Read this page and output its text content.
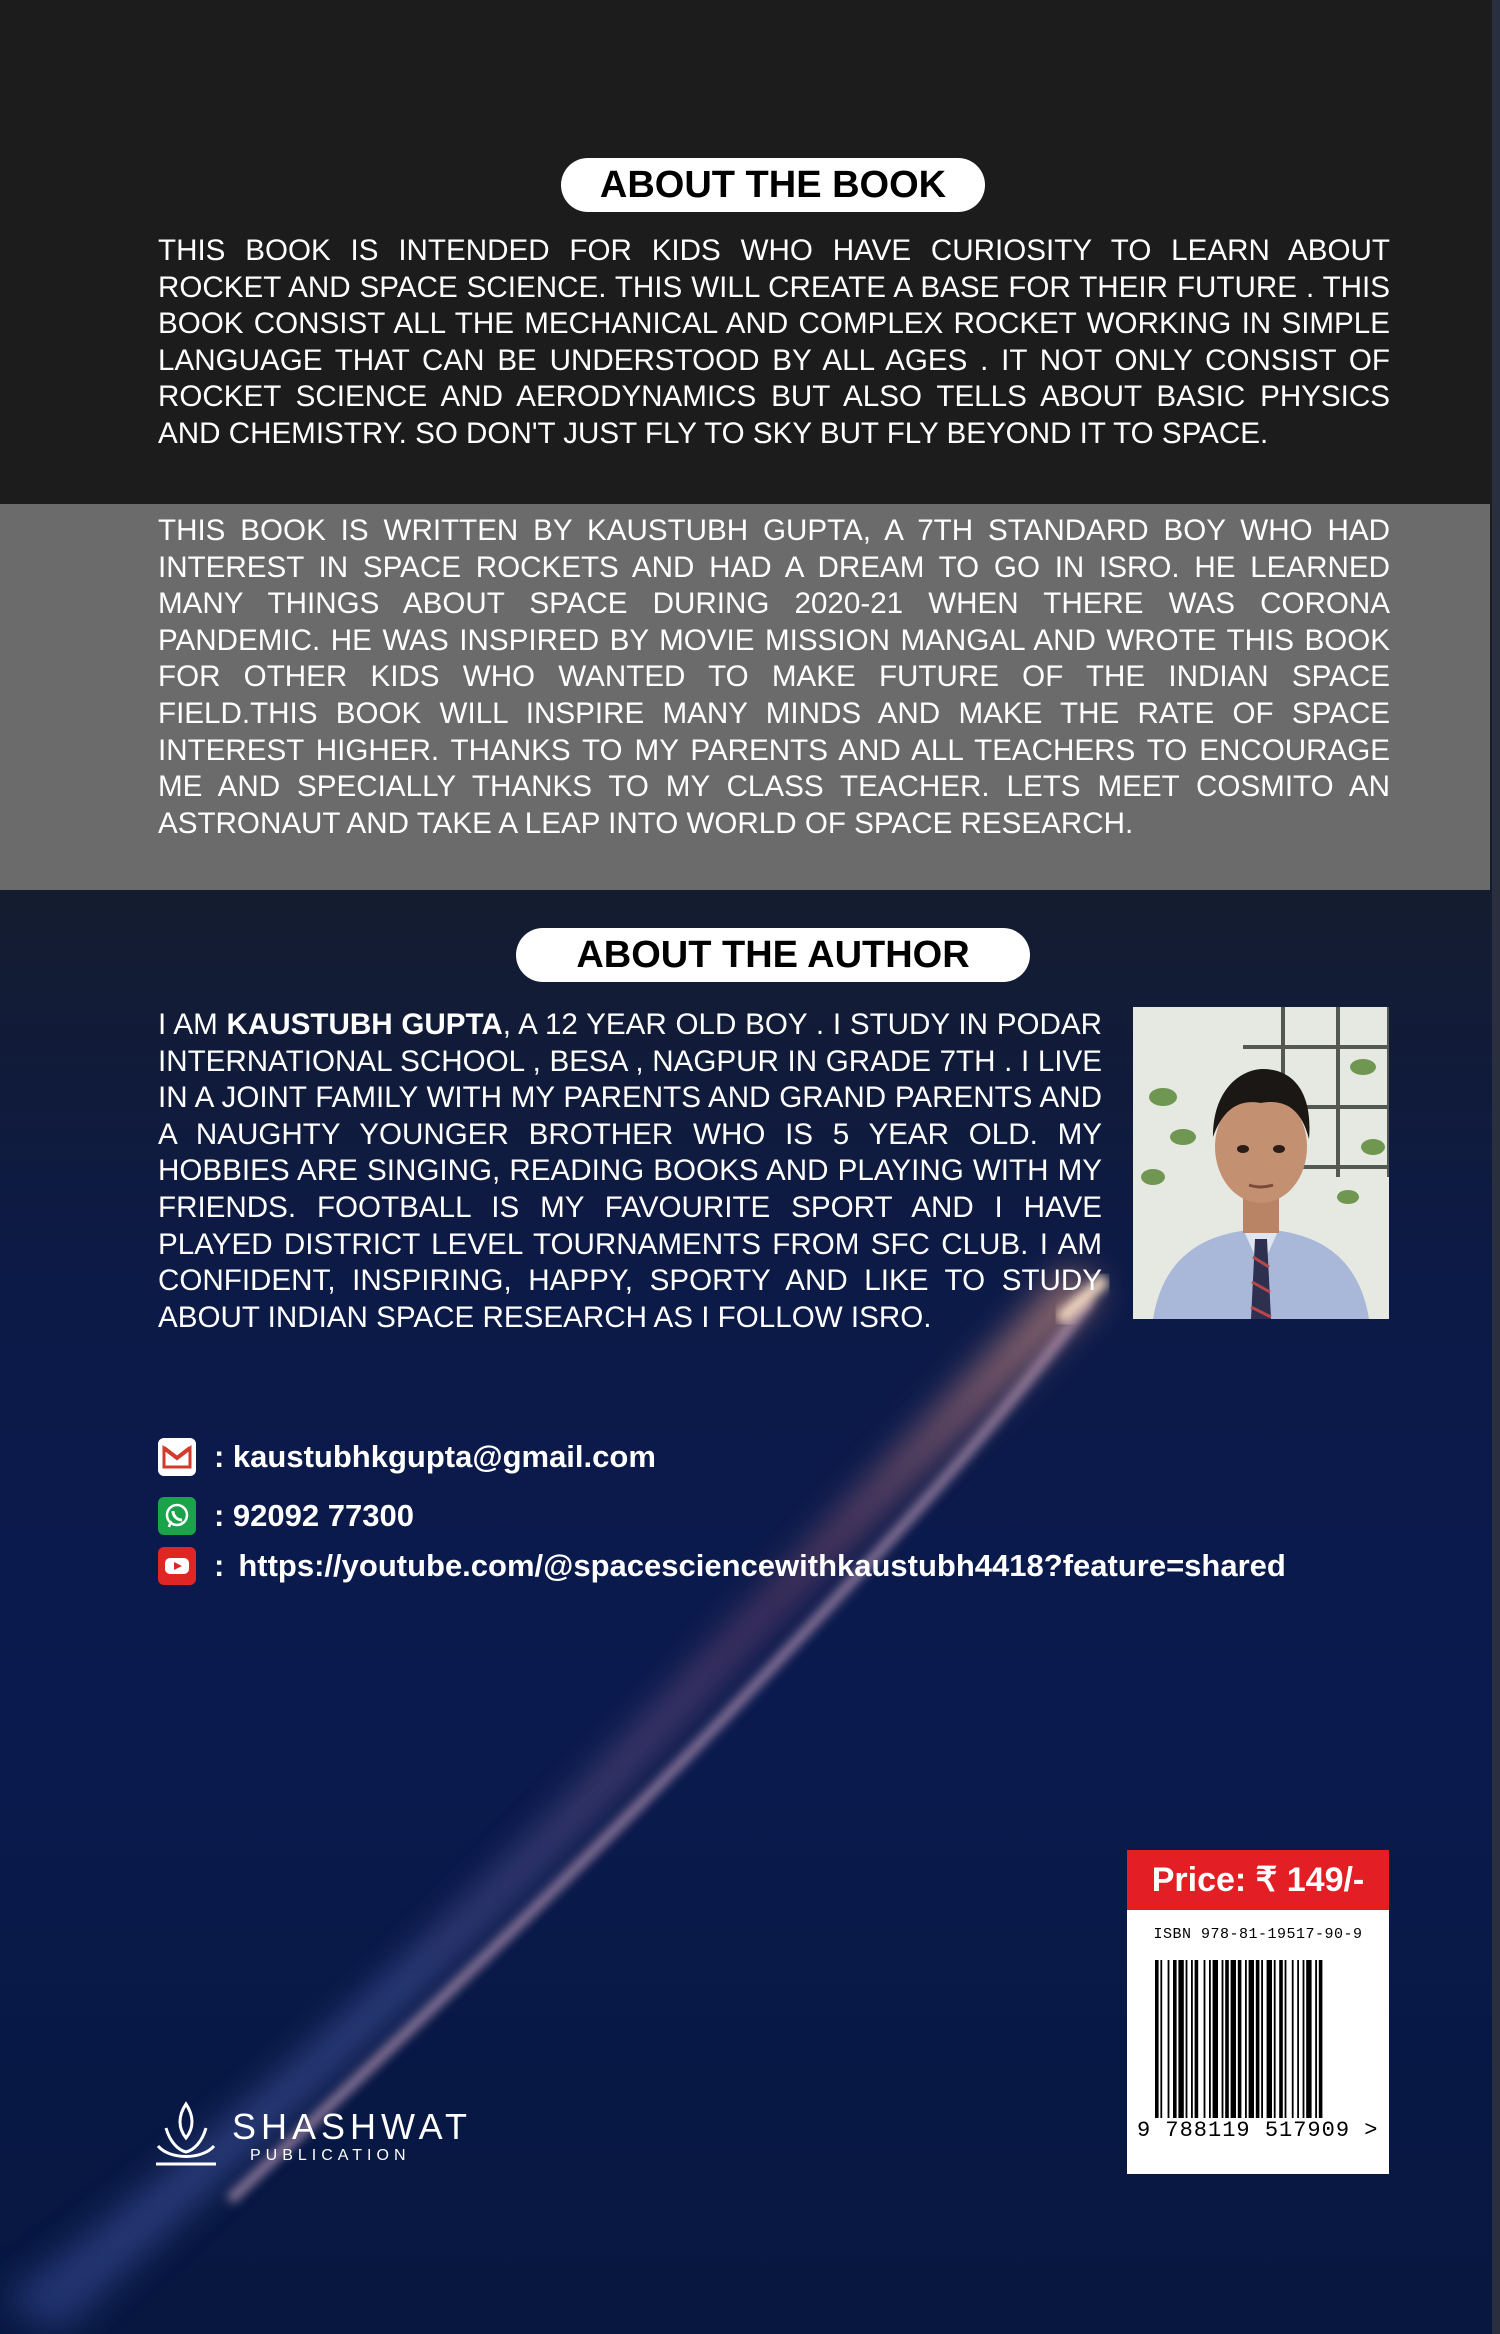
ABOUT THE BOOK

THIS BOOK IS INTENDED FOR KIDS WHO HAVE CURIOSITY TO LEARN ABOUT ROCKET AND SPACE SCIENCE. THIS WILL CREATE A BASE FOR THEIR FUTURE . THIS BOOK CONSIST ALL THE MECHANICAL AND COMPLEX ROCKET WORKING IN SIMPLE LANGUAGE THAT CAN BE UNDERSTOOD BY ALL AGES . IT NOT ONLY CONSIST OF ROCKET SCIENCE AND AERODYNAMICS BUT ALSO TELLS ABOUT BASIC PHYSICS AND CHEMISTRY. SO DON'T JUST FLY TO SKY BUT FLY BEYOND IT TO SPACE.

THIS BOOK IS WRITTEN BY KAUSTUBH GUPTA, A 7TH STANDARD BOY WHO HAD INTEREST IN SPACE ROCKETS AND HAD A DREAM TO GO IN ISRO. HE LEARNED MANY THINGS ABOUT SPACE DURING 2020-21 WHEN THERE WAS CORONA PANDEMIC. HE WAS INSPIRED BY MOVIE MISSION MANGAL AND WROTE THIS BOOK FOR OTHER KIDS WHO WANTED TO MAKE FUTURE OF THE INDIAN SPACE FIELD.THIS BOOK WILL INSPIRE MANY MINDS AND MAKE THE RATE OF SPACE INTEREST HIGHER. THANKS TO MY PARENTS AND ALL TEACHERS TO ENCOURAGE ME AND SPECIALLY THANKS TO MY CLASS TEACHER. LETS MEET COSMITO AN ASTRONAUT AND TAKE A LEAP INTO WORLD OF SPACE RESEARCH.

ABOUT THE AUTHOR

I AM KAUSTUBH GUPTA, A 12 YEAR OLD BOY . I STUDY IN PODAR INTERNATIONAL SCHOOL , BESA , NAGPUR IN GRADE 7TH . I LIVE IN A JOINT FAMILY WITH MY PARENTS AND GRAND PARENTS AND A NAUGHTY YOUNGER BROTHER WHO IS 5 YEAR OLD. MY HOBBIES ARE SINGING, READING BOOKS AND PLAYING WITH MY FRIENDS. FOOTBALL IS MY FAVOURITE SPORT AND I HAVE PLAYED DISTRICT LEVEL TOURNAMENTS FROM SFC CLUB. I AM CONFIDENT, INSPIRING, HAPPY, SPORTY AND LIKE TO STUDY ABOUT INDIAN SPACE RESEARCH AS I FOLLOW ISRO.

: kaustubhkgupta@gmail.com
: 92092 77300
: https://youtube.com/@spacesciencewithkaustubh4418?feature=shared
Price: ₹ 149/-
ISBN 978-81-19517-90-9
9 788119 517909 >
SHASHWAT
PUBLICATION
